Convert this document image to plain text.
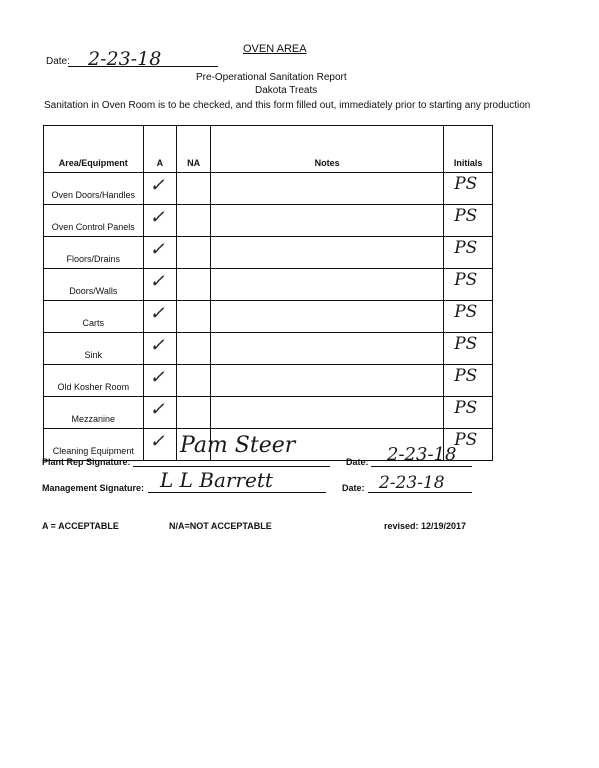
OVEN AREA
Date: 2-23-18
Pre-Operational Sanitation Report
Dakota Treats
Sanitation in Oven Room is to be checked, and this form filled out, immediately prior to starting any production
Area/Equipment	A	NA	Notes	Initials
Oven Doors/Handles	✓			PS

Oven Control Panels	✓			PS

Floors/Drains	✓			PS

Doors/Walls	✓			PS

Carts	✓			PS

Sink	✓			PS

Old Kosher Room	✓			PS

Mezzanine	✓			PS

Cleaning Equipment	✓			PS
Plant Rep Signature:
Pam Steer
Date: 2-23-18
Management Signature: L L Barrett	Date: 2-23-18
A = ACCEPTABLE	N/A=NOT ACCEPTABLE	revised: 12/19/2017
